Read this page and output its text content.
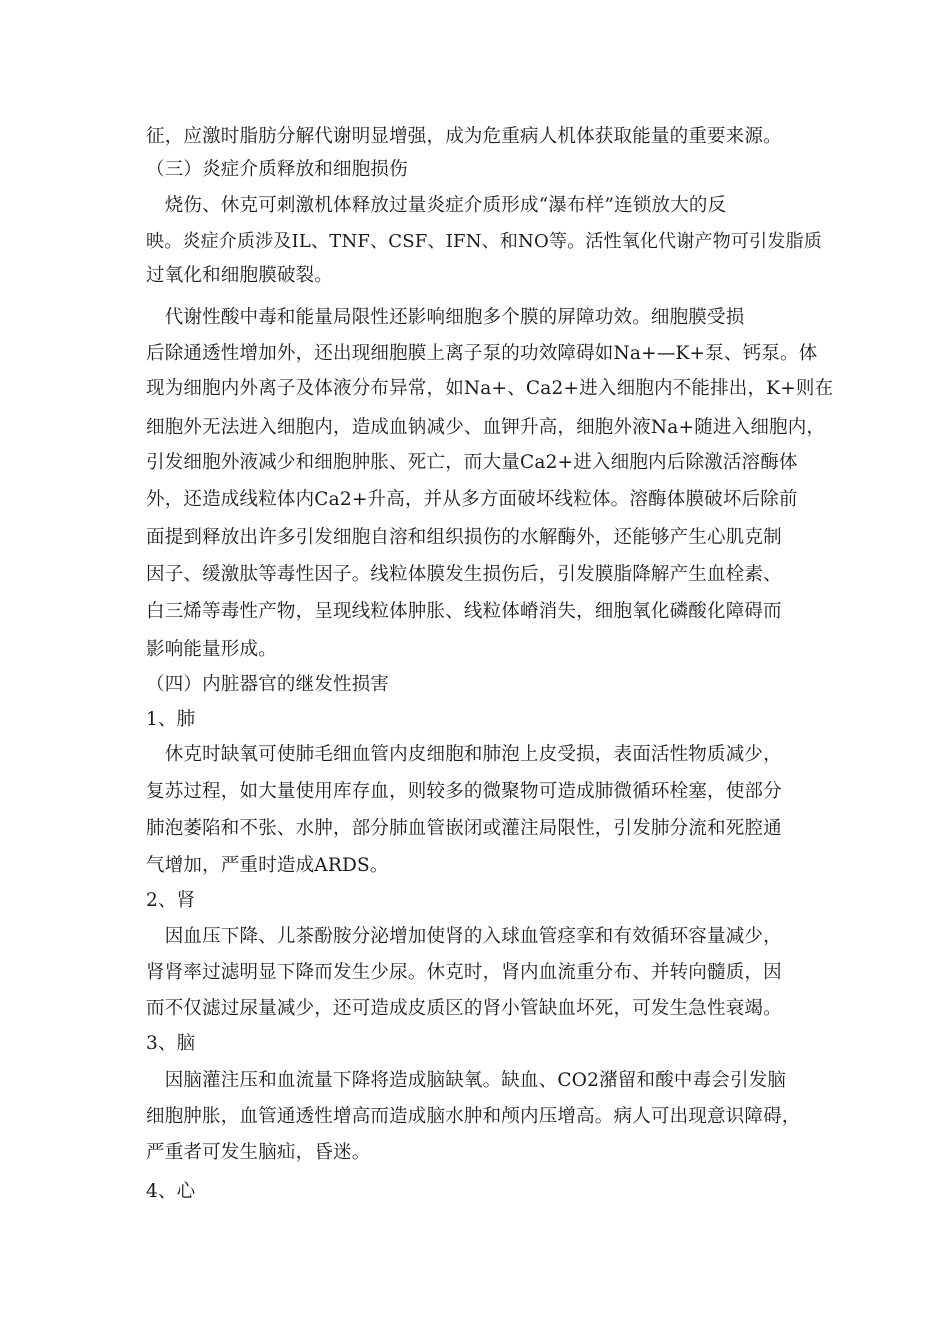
征，应激时脂肪分解代谢明显增强，成为危重病人机体获取能量的重要来源。
（三）炎症介质释放和细胞损伤
　烧伤、休克可刺激机体释放过量炎症介质形成“瀑布样”连锁放大的反
映。炎症介质涉及IL、TNF、CSF、IFN、和NO等。活性氧化代谢产物可引发脂质
过氧化和细胞膜破裂。
　代谢性酸中毒和能量局限性还影响细胞多个膜的屏障功效。细胞膜受损
后除通透性增加外，还出现细胞膜上离子泵的功效障碍如Na+—K+泵、钙泵。体
现为细胞内外离子及体液分布异常，如Na+、Ca2+进入细胞内不能排出，K+则在
细胞外无法进入细胞内，造成血钠减少、血钾升高，细胞外液Na+随进入细胞内，
引发细胞外液减少和细胞肿胀、死亡，而大量Ca2+进入细胞内后除激活溶酶体
外，还造成线粒体内Ca2+升高，并从多方面破坏线粒体。溶酶体膜破坏后除前
面提到释放出许多引发细胞自溶和组织损伤的水解酶外，还能够产生心肌克制
因子、缓激肽等毒性因子。线粒体膜发生损伤后，引发膜脂降解产生血栓素、
白三烯等毒性产物，呈现线粒体肿胀、线粒体嵴消失，细胞氧化磷酸化障碍而
影响能量形成。
（四）内脏器官的继发性损害
1、肺
　休克时缺氧可使肺毛细血管内皮细胞和肺泡上皮受损，表面活性物质减少，
复苏过程，如大量使用库存血，则较多的微聚物可造成肺微循环栓塞，使部分
肺泡萎陷和不张、水肿，部分肺血管嵌闭或灌注局限性，引发肺分流和死腔通
气增加，严重时造成ARDS。
2、肾
　因血压下降、儿茶酚胺分泌增加使肾的入球血管痉挛和有效循环容量减少，
肾肾率过滤明显下降而发生少尿。休克时，肾内血流重分布、并转向髓质，因
而不仅滤过尿量减少，还可造成皮质区的肾小管缺血坏死，可发生急性衰竭。
3、脑
　因脑灌注压和血流量下降将造成脑缺氧。缺血、CO2潴留和酸中毒会引发脑
细胞肿胀，血管通透性增高而造成脑水肿和颅内压增高。病人可出现意识障碍，
严重者可发生脑疝，昏迷。
4、心
